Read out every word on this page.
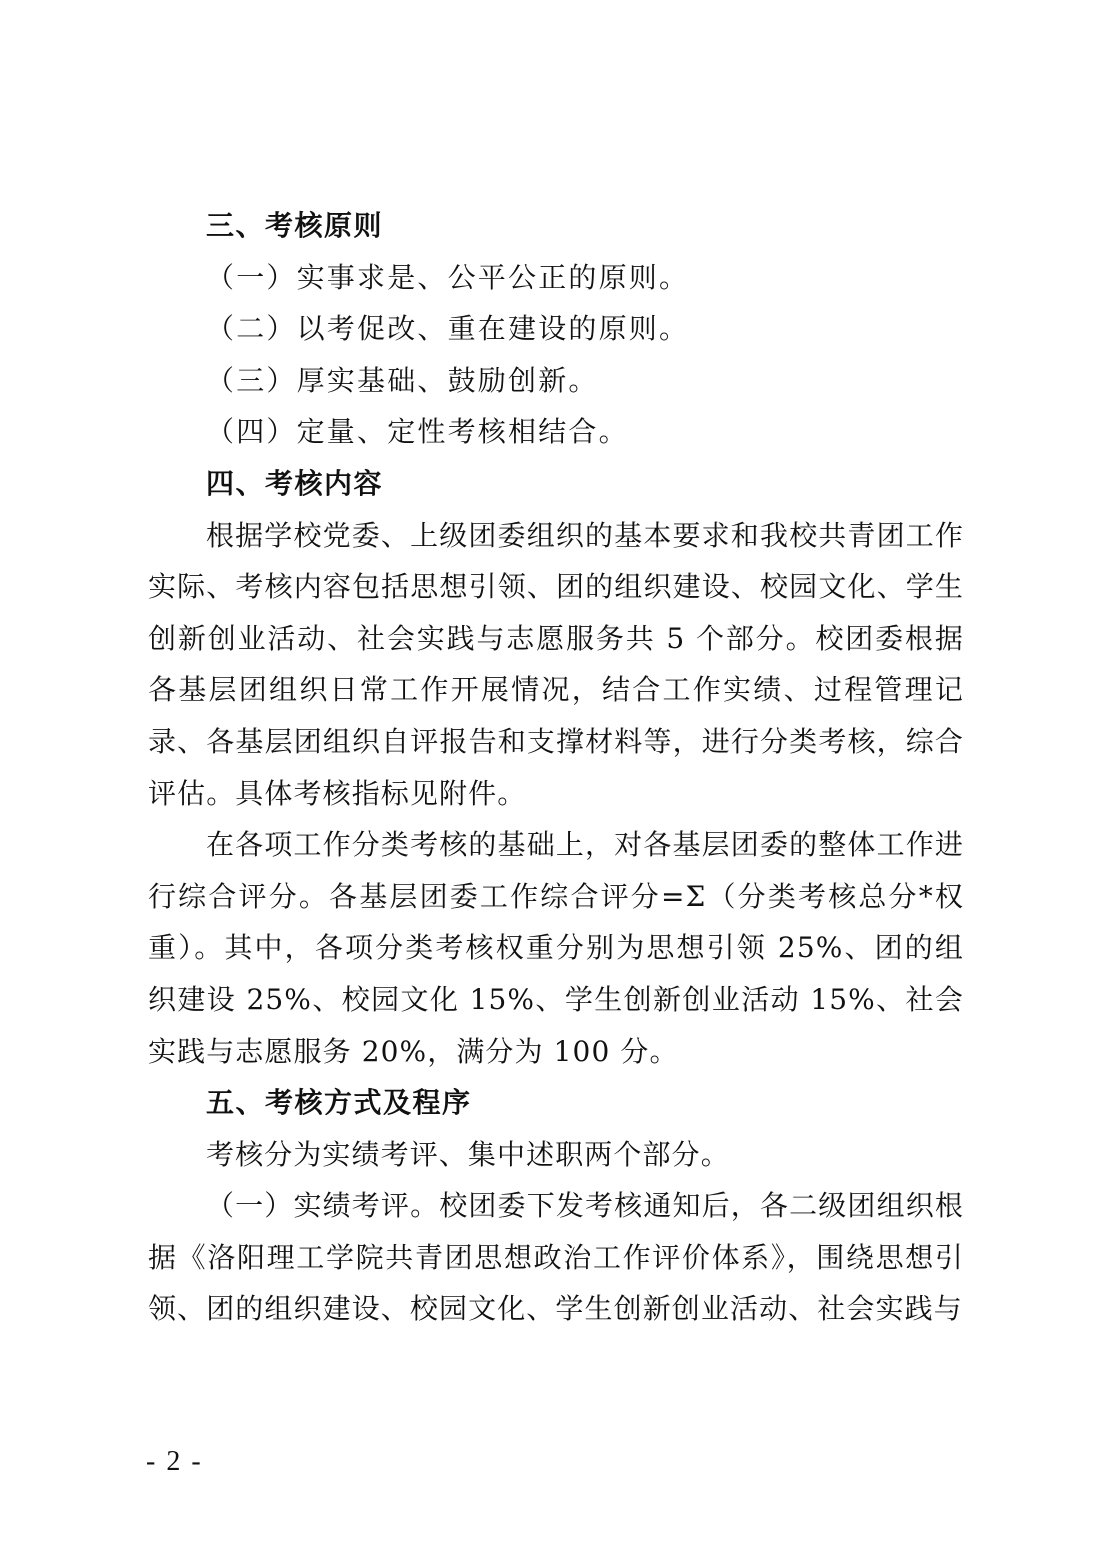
三、考核原则

（一）实事求是、公平公正的原则。

（二）以考促改、重在建设的原则。

（三）厚实基础、鼓励创新。

（四）定量、定性考核相结合。

四、考核内容

根据学校党委、上级团委组织的基本要求和我校共青团工作实际、考核内容包括思想引领、团的组织建设、校园文化、学生创新创业活动、社会实践与志愿服务共 5 个部分。校团委根据各基层团组织日常工作开展情况，结合工作实绩、过程管理记录、各基层团组织自评报告和支撑材料等，进行分类考核，综合评估。具体考核指标见附件。

在各项工作分类考核的基础上，对各基层团委的整体工作进行综合评分。各基层团委工作综合评分=Σ（分类考核总分*权重）。其中，各项分类考核权重分别为思想引领 25%、团的组织建设 25%、校园文化 15%、学生创新创业活动 15%、社会实践与志愿服务 20%，满分为 100 分。

五、考核方式及程序

考核分为实绩考评、集中述职两个部分。

（一）实绩考评。校团委下发考核通知后，各二级团组织根据《洛阳理工学院共青团思想政治工作评价体系》，围绕思想引领、团的组织建设、校园文化、学生创新创业活动、社会实践与

- 2 -
